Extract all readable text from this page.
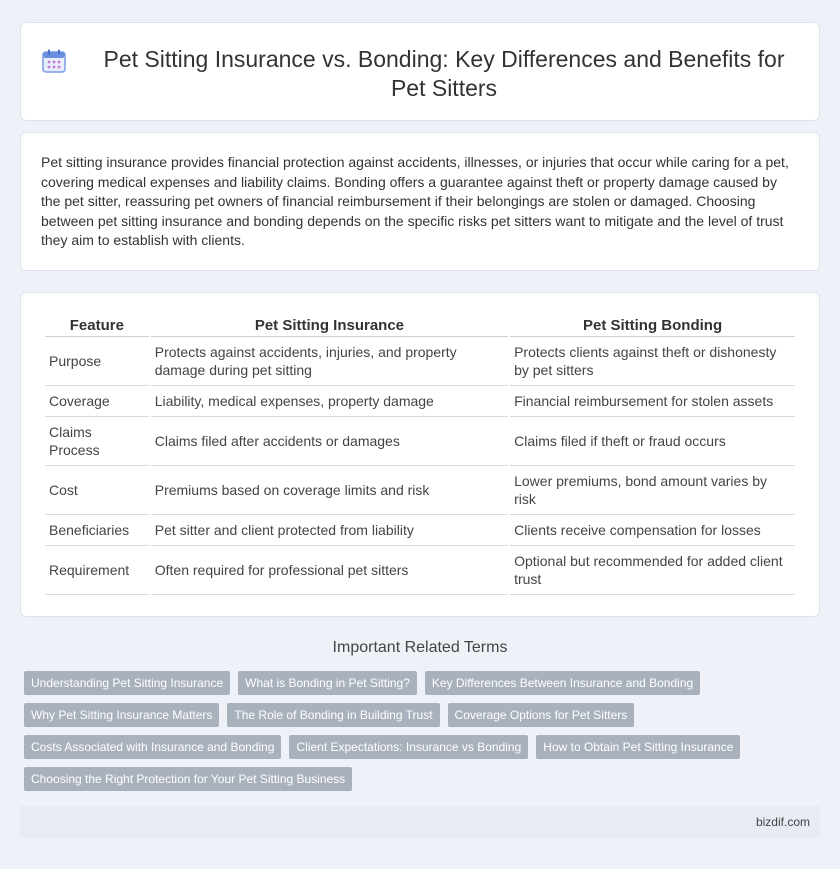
Pet Sitting Insurance vs. Bonding: Key Differences and Benefits for Pet Sitters

Pet sitting insurance provides financial protection against accidents, illnesses, or injuries that occur while caring for a pet, covering medical expenses and liability claims. Bonding offers a guarantee against theft or property damage caused by the pet sitter, reassuring pet owners of financial reimbursement if their belongings are stolen or damaged. Choosing between pet sitting insurance and bonding depends on the specific risks pet sitters want to mitigate and the level of trust they aim to establish with clients.

Feature	Pet Sitting Insurance	Pet Sitting Bonding
Purpose	Protects against accidents, injuries, and property damage during pet sitting	Protects clients against theft or dishonesty by pet sitters
Coverage	Liability, medical expenses, property damage	Financial reimbursement for stolen assets
Claims Process	Claims filed after accidents or damages	Claims filed if theft or fraud occurs
Cost	Premiums based on coverage limits and risk	Lower premiums, bond amount varies by risk
Beneficiaries	Pet sitter and client protected from liability	Clients receive compensation for losses
Requirement	Often required for professional pet sitters	Optional but recommended for added client trust
Important Related Terms
Understanding Pet Sitting Insurance	What is Bonding in Pet Sitting?	Key Differences Between Insurance and Bonding
Why Pet Sitting Insurance Matters	The Role of Bonding in Building Trust	Coverage Options for Pet Sitters
Costs Associated with Insurance and Bonding	Client Expectations: Insurance vs Bonding	How to Obtain Pet Sitting Insurance
Choosing the Right Protection for Your Pet Sitting Business
bizdif.com
